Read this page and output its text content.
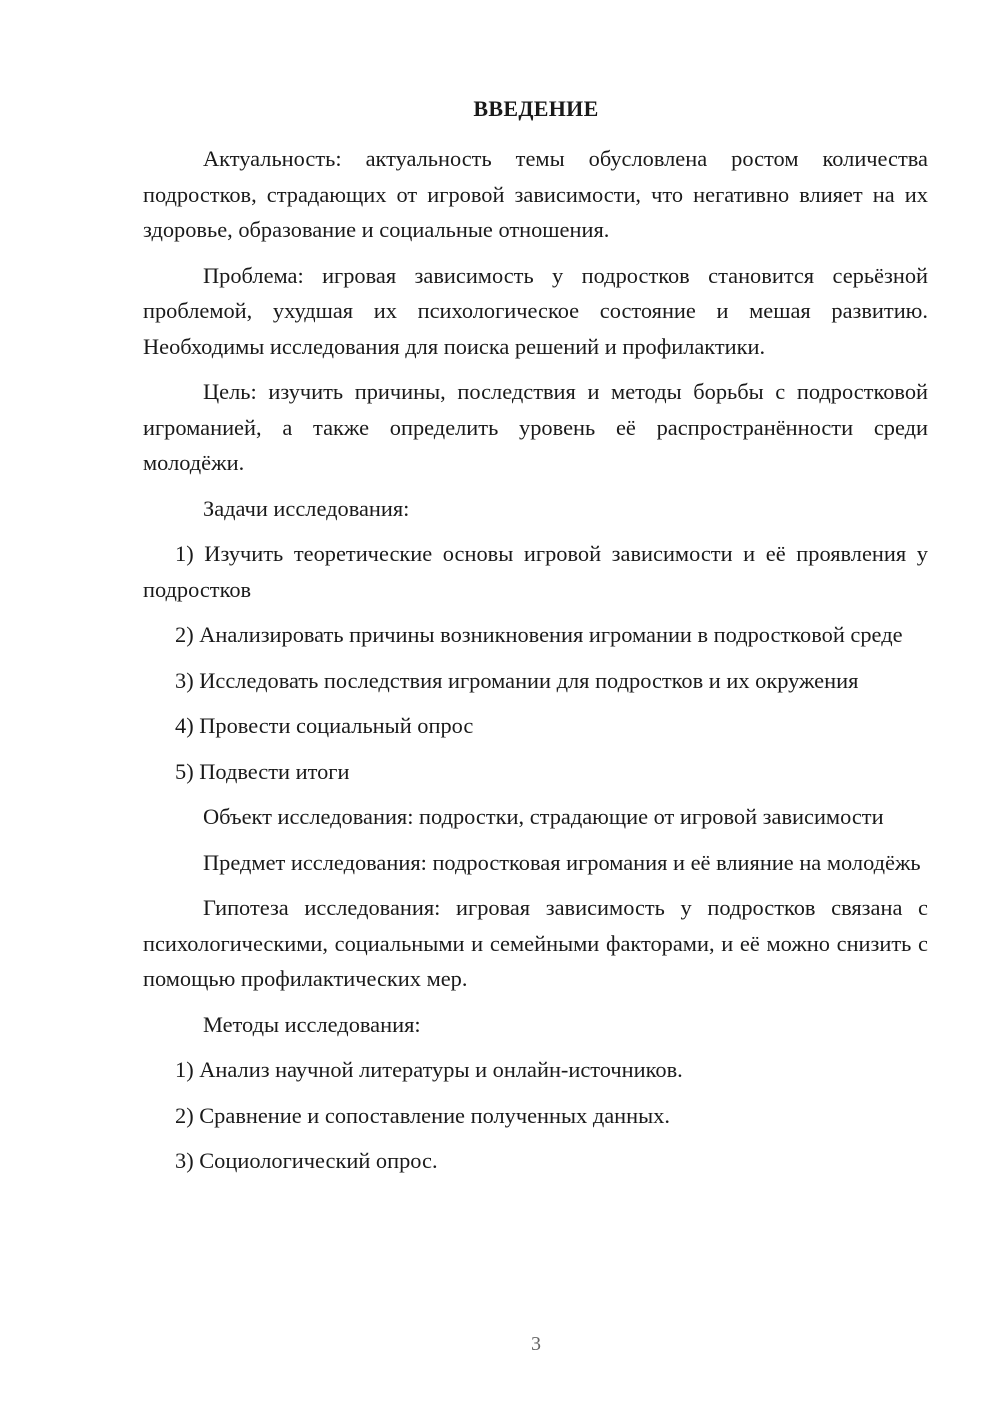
ВВЕДЕНИЕ

Актуальность: актуальность темы обусловлена ростом количества подростков, страдающих от игровой зависимости, что негативно влияет на их здоровье, образование и социальные отношения.

Проблема: игровая зависимость у подростков становится серьёзной проблемой, ухудшая их психологическое состояние и мешая развитию. Необходимы исследования для поиска решений и профилактики.

Цель: изучить причины, последствия и методы борьбы с подростковой игроманией, а также определить уровень её распространённости среди молодёжи.

Задачи исследования:

1) Изучить теоретические основы игровой зависимости и её проявления у подростков

2) Анализировать причины возникновения игромании в подростковой среде

3) Исследовать последствия игромании для подростков и их окружения

4) Провести социальный опрос

5) Подвести итоги

Объект исследования: подростки, страдающие от игровой зависимости

Предмет исследования: подростковая игромания и её влияние на молодёжь

Гипотеза исследования: игровая зависимость у подростков связана с психологическими, социальными и семейными факторами, и её можно снизить с помощью профилактических мер.

Методы исследования:

1) Анализ научной литературы и онлайн-источников.

2) Сравнение и сопоставление полученных данных.

3) Социологический опрос.

3
